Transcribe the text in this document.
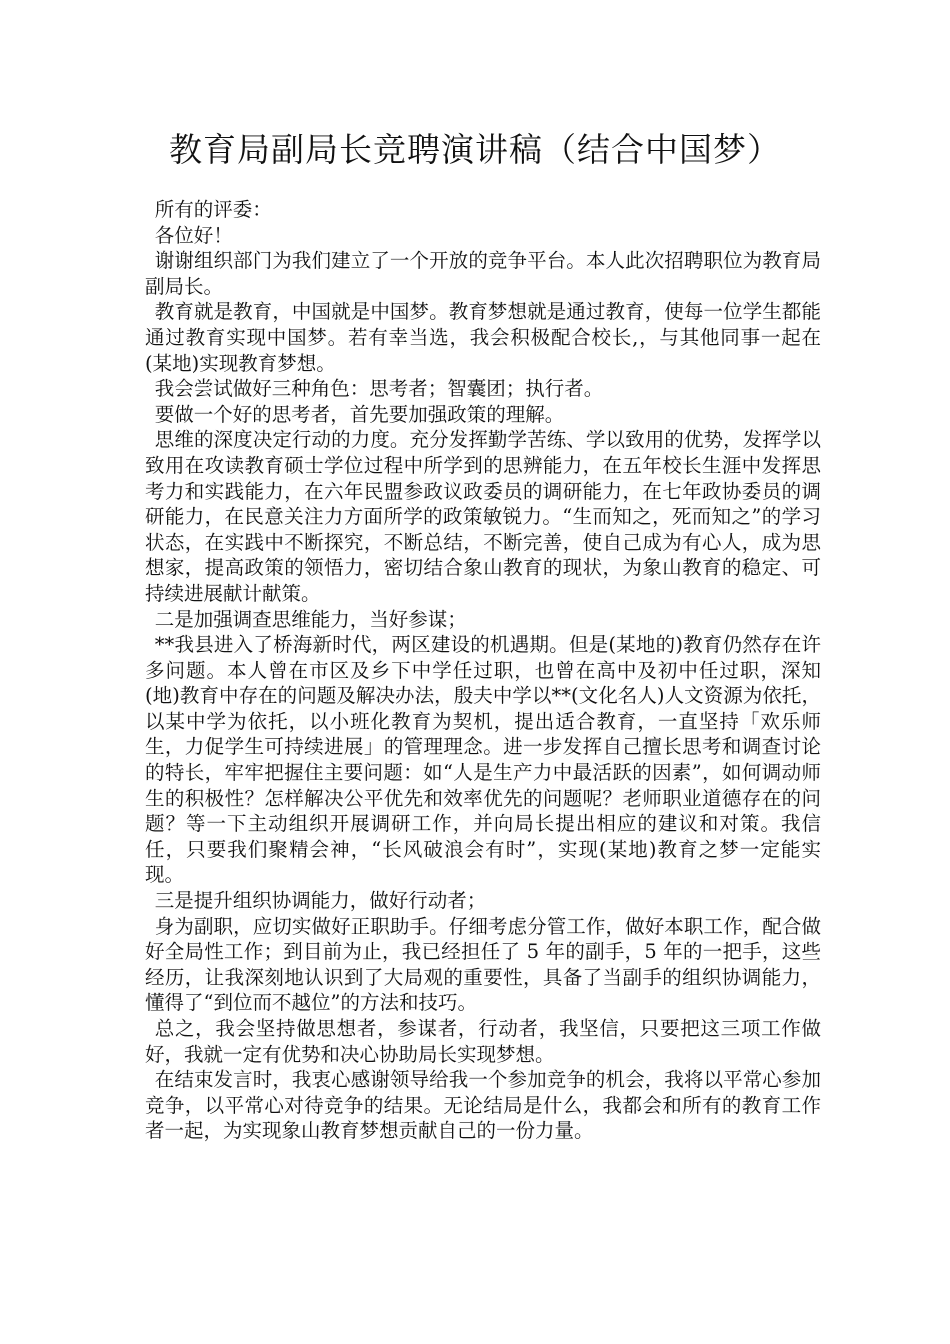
教育局副局长竞聘演讲稿（结合中国梦）

所有的评委：

各位好！

谢谢组织部门为我们建立了一个开放的竞争平台。本人此次招聘职位为教育局副局长。

教育就是教育，中国就是中国梦。教育梦想就是通过教育，使每一位学生都能通过教育实现中国梦。若有幸当选，我会积极配合校长,，与其他同事一起在(某地)实现教育梦想。

我会尝试做好三种角色：思考者；智囊团；执行者。

要做一个好的思考者，首先要加强政策的理解。

思维的深度决定行动的力度。充分发挥勤学苦练、学以致用的优势，发挥学以致用在攻读教育硕士学位过程中所学到的思辨能力，在五年校长生涯中发挥思考力和实践能力，在六年民盟参政议政委员的调研能力，在七年政协委员的调研能力，在民意关注力方面所学的政策敏锐力。“生而知之，死而知之”的学习状态，在实践中不断探究，不断总结，不断完善，使自己成为有心人，成为思想家，提高政策的领悟力，密切结合象山教育的现状，为象山教育的稳定、可持续进展献计献策。

二是加强调查思维能力，当好参谋；

**我县进入了桥海新时代，两区建设的机遇期。但是(某地的)教育仍然存在许多问题。本人曾在市区及乡下中学任过职，也曾在高中及初中任过职，深知(地)教育中存在的问题及解决办法，殷夫中学以**(文化名人)人文资源为依托，以某中学为依托，以小班化教育为契机，提出适合教育，一直坚持「欢乐师生，力促学生可持续进展」的管理理念。进一步发挥自己擅长思考和调查讨论的特长，牢牢把握住主要问题：如“人是生产力中最活跃的因素”，如何调动师生的积极性？怎样解决公平优先和效率优先的问题呢？老师职业道德存在的问题？等一下主动组织开展调研工作，并向局长提出相应的建议和对策。我信任，只要我们聚精会神，“长风破浪会有时”，实现(某地)教育之梦一定能实现。

三是提升组织协调能力，做好行动者；

身为副职，应切实做好正职助手。仔细考虑分管工作，做好本职工作，配合做好全局性工作；到目前为止，我已经担任了 5 年的副手，5 年的一把手，这些经历，让我深刻地认识到了大局观的重要性，具备了当副手的组织协调能力，懂得了“到位而不越位”的方法和技巧。

总之，我会坚持做思想者，参谋者，行动者，我坚信，只要把这三项工作做好，我就一定有优势和决心协助局长实现梦想。

在结束发言时，我衷心感谢领导给我一个参加竞争的机会，我将以平常心参加竞争，以平常心对待竞争的结果。无论结局是什么，我都会和所有的教育工作者一起，为实现象山教育梦想贡献自己的一份力量。
